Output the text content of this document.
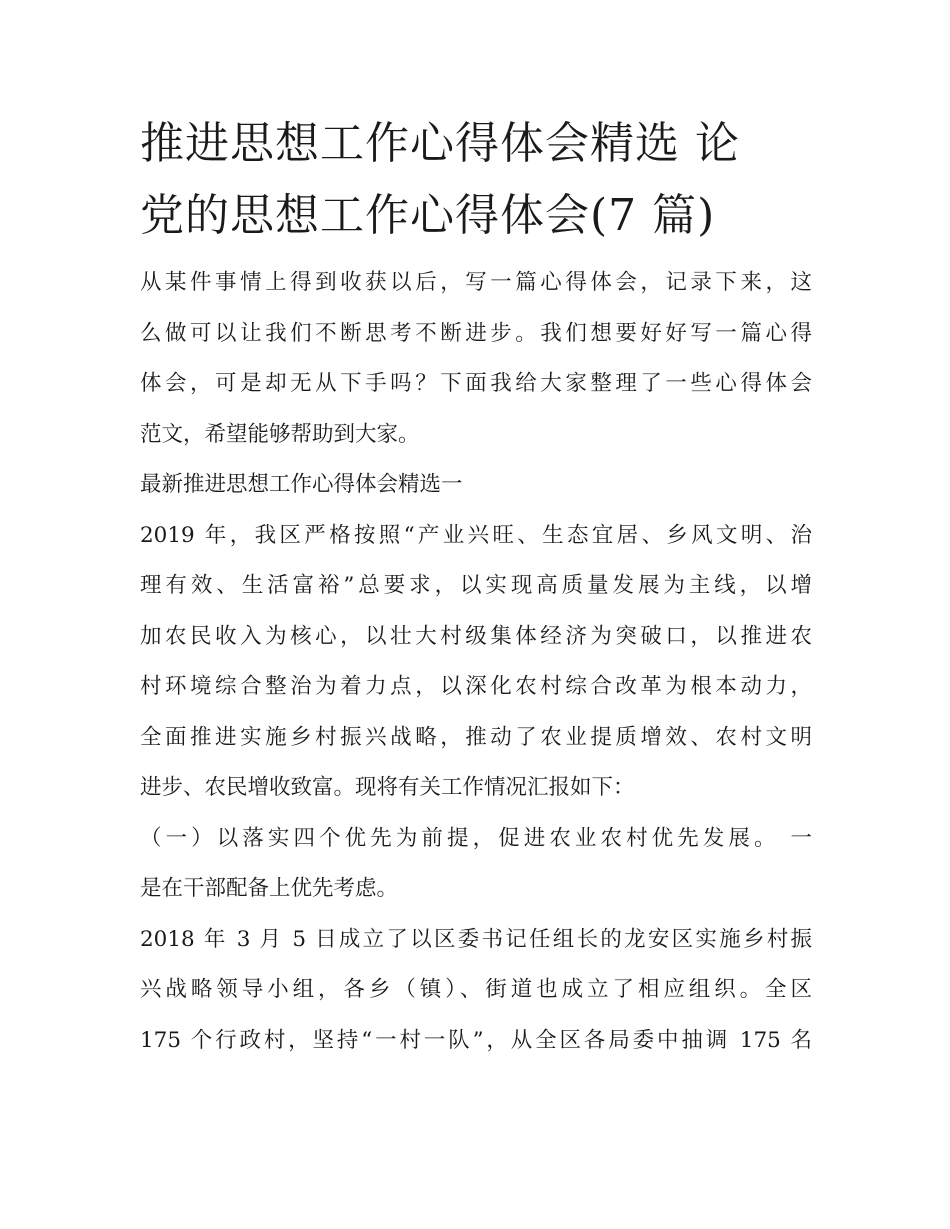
推进思想工作心得体会精选 论
党的思想工作心得体会(7 篇)
从某件事情上得到收获以后，写一篇心得体会，记录下来，这
么做可以让我们不断思考不断进步。我们想要好好写一篇心得
体会，可是却无从下手吗？下面我给大家整理了一些心得体会
范文，希望能够帮助到大家。
最新推进思想工作心得体会精选一
2019 年，我区严格按照“产业兴旺、生态宜居、乡风文明、治
理有效、生活富裕”总要求，以实现高质量发展为主线，以增
加农民收入为核心，以壮大村级集体经济为突破口，以推进农
村环境综合整治为着力点，以深化农村综合改革为根本动力，
全面推进实施乡村振兴战略，推动了农业提质增效、农村文明
进步、农民增收致富。现将有关工作情况汇报如下：
（一）以落实四个优先为前提，促进农业农村优先发展。 一
是在干部配备上优先考虑。
2018 年 3 月 5 日成立了以区委书记任组长的龙安区实施乡村振
兴战略领导小组，各乡（镇）、街道也成立了相应组织。全区
175 个行政村，坚持“一村一队”，从全区各局委中抽调 175 名
